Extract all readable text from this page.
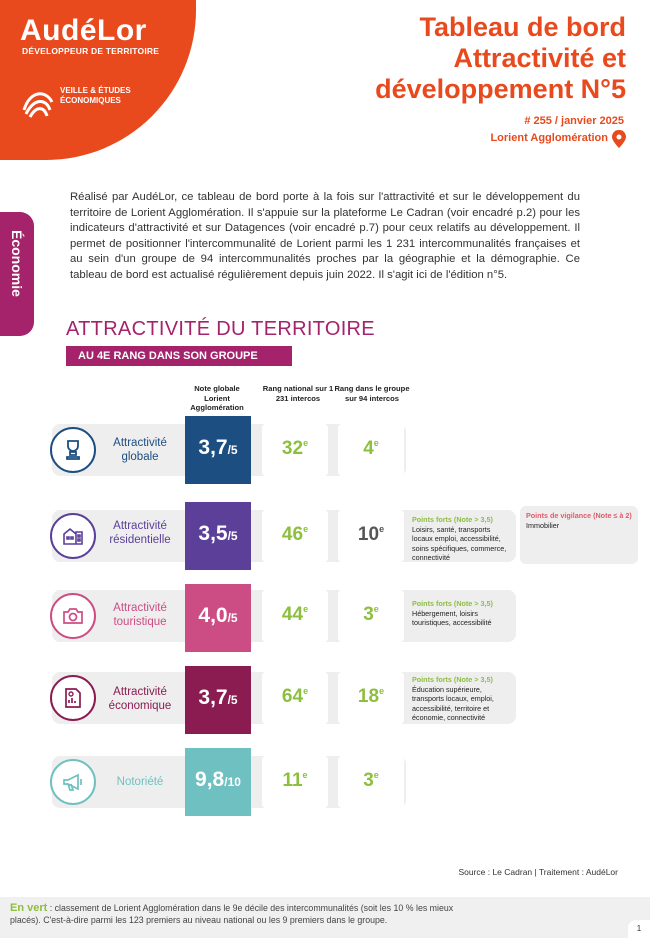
AudéLor
DÉVELOPPEUR DE TERRITOIRE
VEILLE & ÉTUDES ÉCONOMIQUES
Tableau de bord
Attractivité et
développement N°5
# 255 / janvier 2025
Lorient Agglomération
Économie

Réalisé par AudéLor, ce tableau de bord porte à la fois sur l'attractivité et sur le développement du territoire de Lorient Agglomération. Il s'appuie sur la plateforme Le Cadran (voir encadré p.2) pour les indicateurs d'attractivité et sur Datagences (voir encadré p.7) pour ceux relatifs au développement. Il permet de positionner l'intercommunalité de Lorient parmi les 1 231 intercommunalités françaises et au sein d'un groupe de 94 intercommunalités proches par la géographie et la démographie. Ce tableau de bord est actualisé régulièrement depuis juin 2022. Il s'agit ici de l'édition n°5.

ATTRACTIVITÉ DU TERRITOIRE
AU 4E RANG DANS SON GROUPE
Note globale Lorient Agglomération
Rang national sur 1 231 intercos
Rang dans le groupe sur 94 intercos
Attractivité globale	3,7/5	32e	4e
Attractivité résidentielle	3,5/5	46e	10e
Points forts (Note > 3,5)
Loisirs, santé, transports locaux emploi, accessibilité, soins spécifiques, commerce, connectivité
Points de vigilance (Note ≤ à 2)
Immobilier
Attractivité touristique	4,0/5	44e	3e
Points forts (Note > 3,5)
Hébergement, loisirs touristiques, accessibilité
Attractivité économique	3,7/5	64e	18e
Points forts (Note > 3,5)
Éducation supérieure, transports locaux, emploi, accessibilité, territoire et économie, connectivité
Notoriété	9,8/10	11e	3e
Source : Le Cadran | Traitement : AudéLor
En vert : classement de Lorient Agglomération dans le 9e décile des intercommunalités (soit les 10 % les mieux placés). C'est-à-dire parmi les 123 premiers au niveau national ou les 9 premiers dans le groupe.
1
